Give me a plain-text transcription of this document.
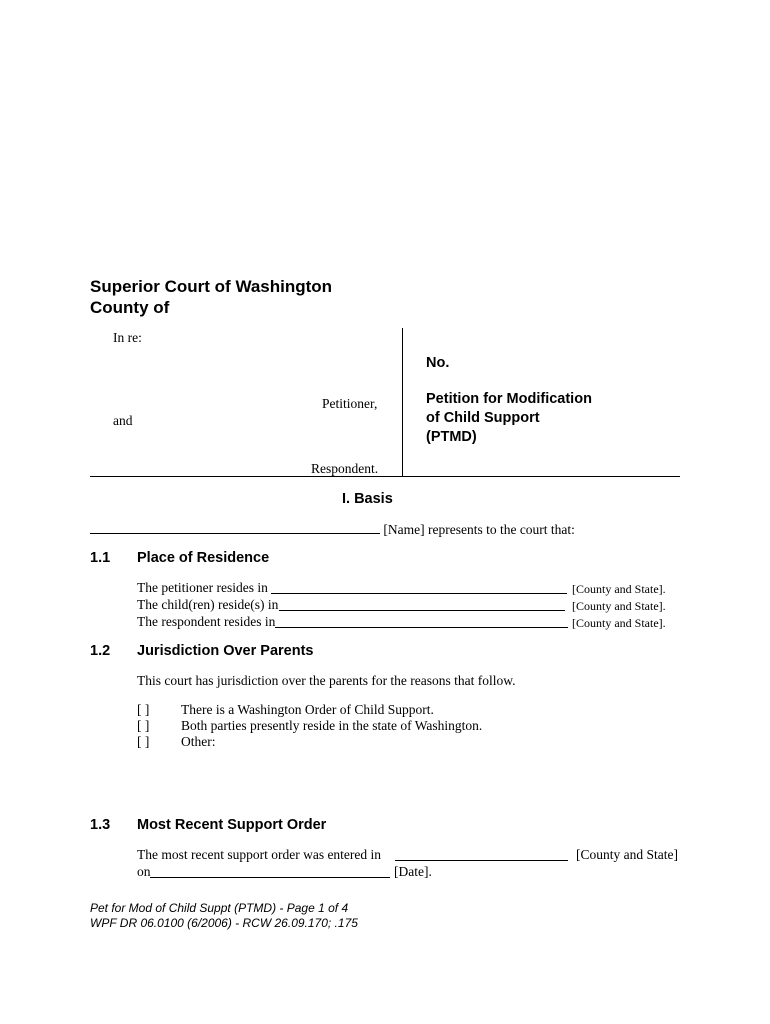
Superior Court of Washington
County of
In re:
Petitioner,
and
Respondent.
No.
Petition for Modification
of Child Support
(PTMD)
I. Basis
[Name] represents to the court that:
1.1 Place of Residence
The petitioner resides in	[County and State].
The child(ren) reside(s) in	[County and State].
The respondent resides in	[County and State].
1.2 Jurisdiction Over Parents
This court has jurisdiction over the parents for the reasons that follow.
[ ] There is a Washington Order of Child Support.
[ ] Both parties presently reside in the state of Washington.
[ ] Other:
1.3 Most Recent Support Order
The most recent support order was entered in	[County and State]
on	[Date].
Pet for Mod of Child Suppt (PTMD) - Page 1 of 4
WPF DR 06.0100 (6/2006) - RCW 26.09.170; .175
